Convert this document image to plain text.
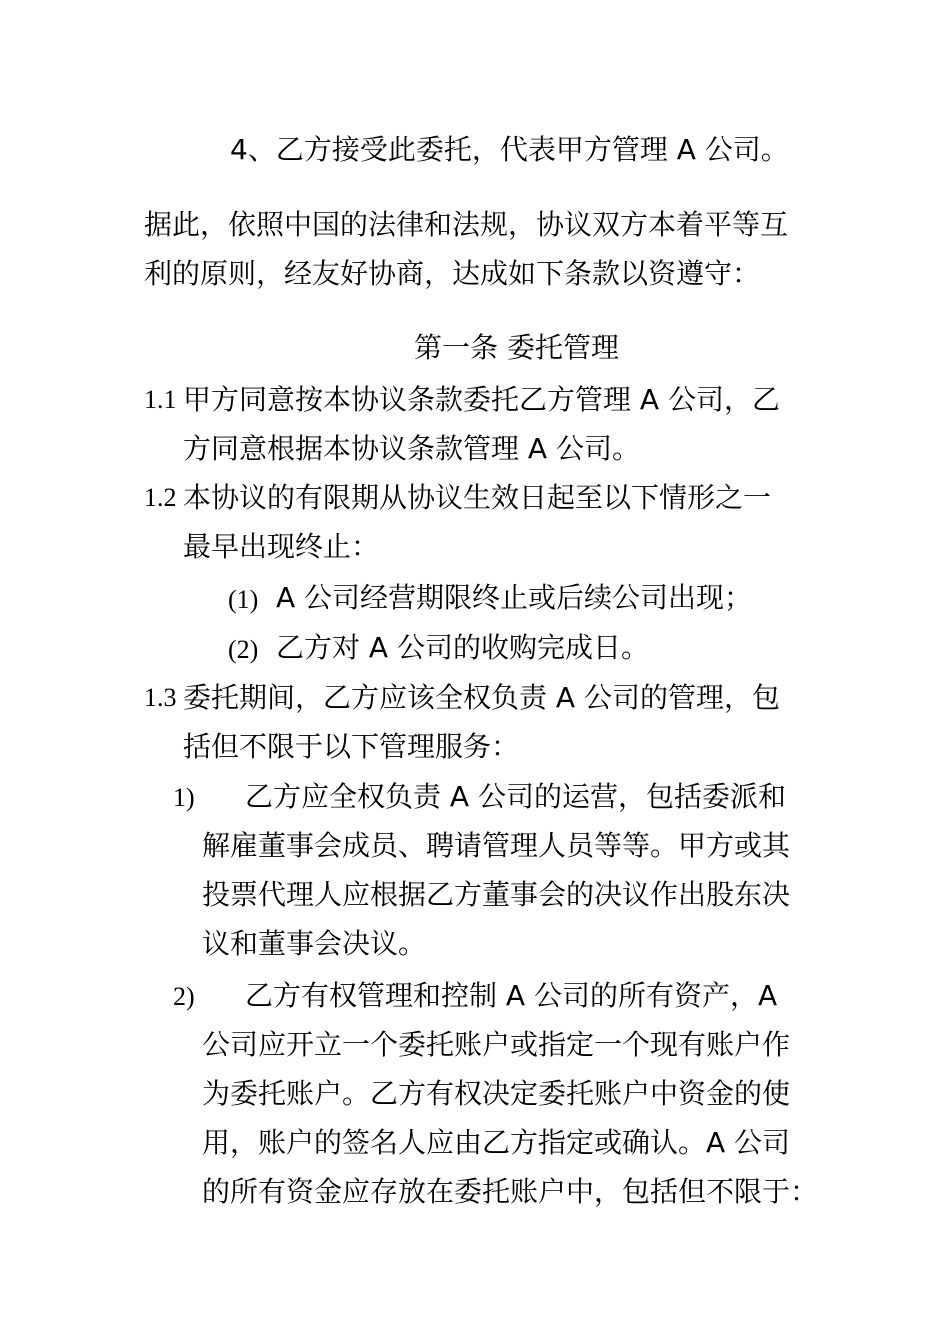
4、乙方接受此委托，代表甲方管理 A 公司。
据此，依照中国的法律和法规，协议双方本着平等互
利的原则，经友好协商，达成如下条款以资遵守：
第一条 委托管理
1.1 甲方同意按本协议条款委托乙方管理 A 公司，乙
方同意根据本协议条款管理 A 公司。
1.2 本协议的有限期从协议生效日起至以下情形之一
最早出现终止：
(1) A 公司经营期限终止或后续公司出现；
(2) 乙方对 A 公司的收购完成日。
1.3 委托期间，乙方应该全权负责 A 公司的管理，包
括但不限于以下管理服务：
1) 乙方应全权负责 A 公司的运营，包括委派和
解雇董事会成员、聘请管理人员等等。甲方或其
投票代理人应根据乙方董事会的决议作出股东决
议和董事会决议。
2) 乙方有权管理和控制 A 公司的所有资产，A
公司应开立一个委托账户或指定一个现有账户作
为委托账户。乙方有权决定委托账户中资金的使
用，账户的签名人应由乙方指定或确认。A 公司
的所有资金应存放在委托账户中，包括但不限于：
